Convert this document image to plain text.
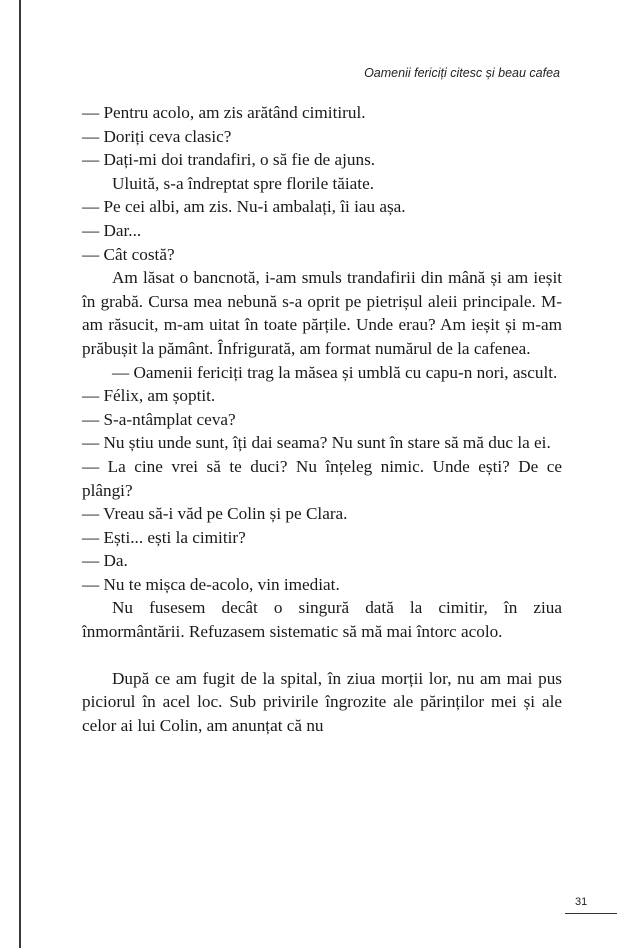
Oamenii fericiți citesc și beau cafea

— Pentru acolo, am zis arătând cimitirul.

— Doriți ceva clasic?

— Dați-mi doi trandafiri, o să fie de ajuns.

Uluită, s-a îndreptat spre florile tăiate.

— Pe cei albi, am zis. Nu-i ambalați, îi iau așa.

— Dar...

— Cât costă?

Am lăsat o bancnotă, i-am smuls trandafirii din mână și am ieșit în grabă. Cursa mea nebună s-a oprit pe pietrișul aleii principale. M-am răsucit, m-am uitat în toate părțile. Unde erau? Am ieșit și m-am prăbușit la pământ. Înfrigurată, am format numărul de la cafenea.

— Oamenii fericiți trag la măsea și umblă cu capu-n nori, ascult.

— Félix, am șoptit.

— S-a-ntâmplat ceva?

— Nu știu unde sunt, îți dai seama? Nu sunt în stare să mă duc la ei.

— La cine vrei să te duci? Nu înțeleg nimic. Unde ești? De ce plângi?

— Vreau să-i văd pe Colin și pe Clara.

— Ești... ești la cimitir?

— Da.

— Nu te mișca de-acolo, vin imediat.

Nu fusesem decât o singură dată la cimitir, în ziua înmormântării. Refuzasem sistematic să mă mai întorc acolo.

După ce am fugit de la spital, în ziua morții lor, nu am mai pus piciorul în acel loc. Sub privirile îngrozite ale părinților mei și ale celor ai lui Colin, am anunțat că nu

31
